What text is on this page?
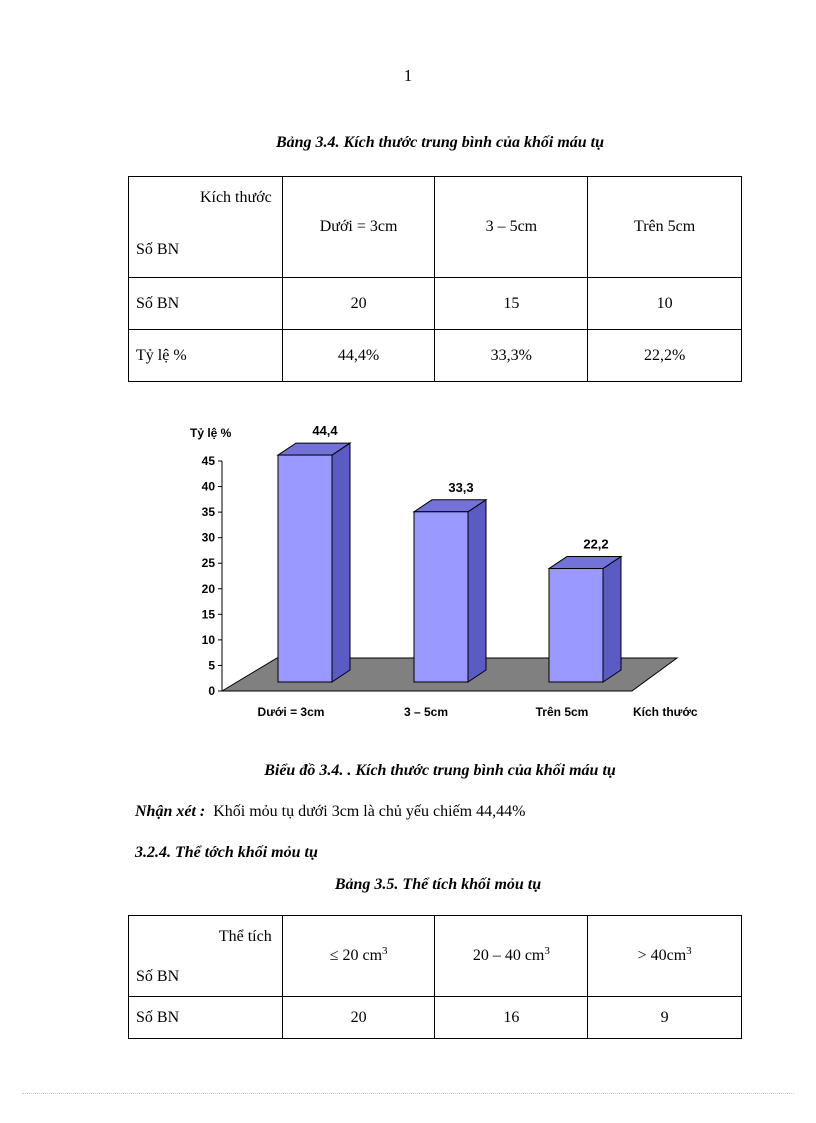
1
Bảng 3.4. Kích thước trung bình của khối máu tụ
Kích thước
Số BN	Dưới = 3cm	3 – 5cm	Trên 5cm
Số BN	20	15	10
Tỷ lệ %	44,4%	33,3%	22,2%
0
5
10
15
20
25
30
35
40
45
Tỷ lệ %	44,4
33,3
22,2
Dưới = 3cm	3 – 5cm	Trên 5cm	Kích thước
Biểu đồ 3.4. . Kích thước trung bình của khối máu tụ
Nhận xét : Khối mỏu tụ dưới 3cm là chủ yếu chiếm 44,44%
3.2.4. Thể tớch khối mỏu tụ
Bảng 3.5. Thể tích khối mỏu tụ
Thể tích
Số BN	≤ 20 $cm^3$	20 – 40 $cm^3$	> $40cm^3$
Số BN	20	16	9
